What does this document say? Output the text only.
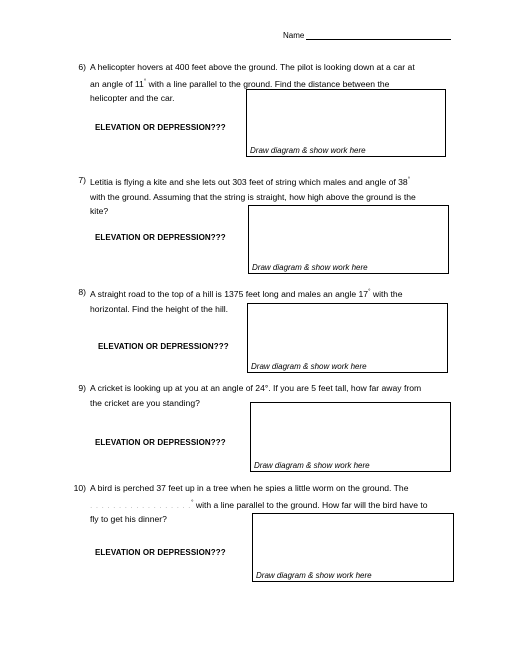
Name
6) A helicopter hovers at 400 feet above the ground. The pilot is looking down at a car at
an angle of 11° with a line parallel to the ground. Find the distance between the
helicopter and the car.
ELEVATION OR DEPRESSION???
Draw diagram & show work here
7) Letitia is flying a kite and she lets out 303 feet of string which males and angle of 38°
with the ground. Assuming that the string is straight, how high above the ground is the
kite?
ELEVATION OR DEPRESSION???
Draw diagram & show work here
8) A straight road to the top of a hill is 1375 feet long and males an angle 17° with the
horizontal. Find the height of the hill.
ELEVATION OR DEPRESSION???
Draw diagram & show work here
9) A cricket is looking up at you at an angle of 24°. If you are 5 feet tall, how far away from
the cricket are you standing?
ELEVATION OR DEPRESSION???
Draw diagram & show work here
10) A bird is perched 37 feet up in a tree when he spies a little worm on the ground. The
. . . . . . . . . . . . . . . . . .° with a line parallel to the ground. How far will the bird have to
fly to get his dinner?
ELEVATION OR DEPRESSION???
Draw diagram & show work here
